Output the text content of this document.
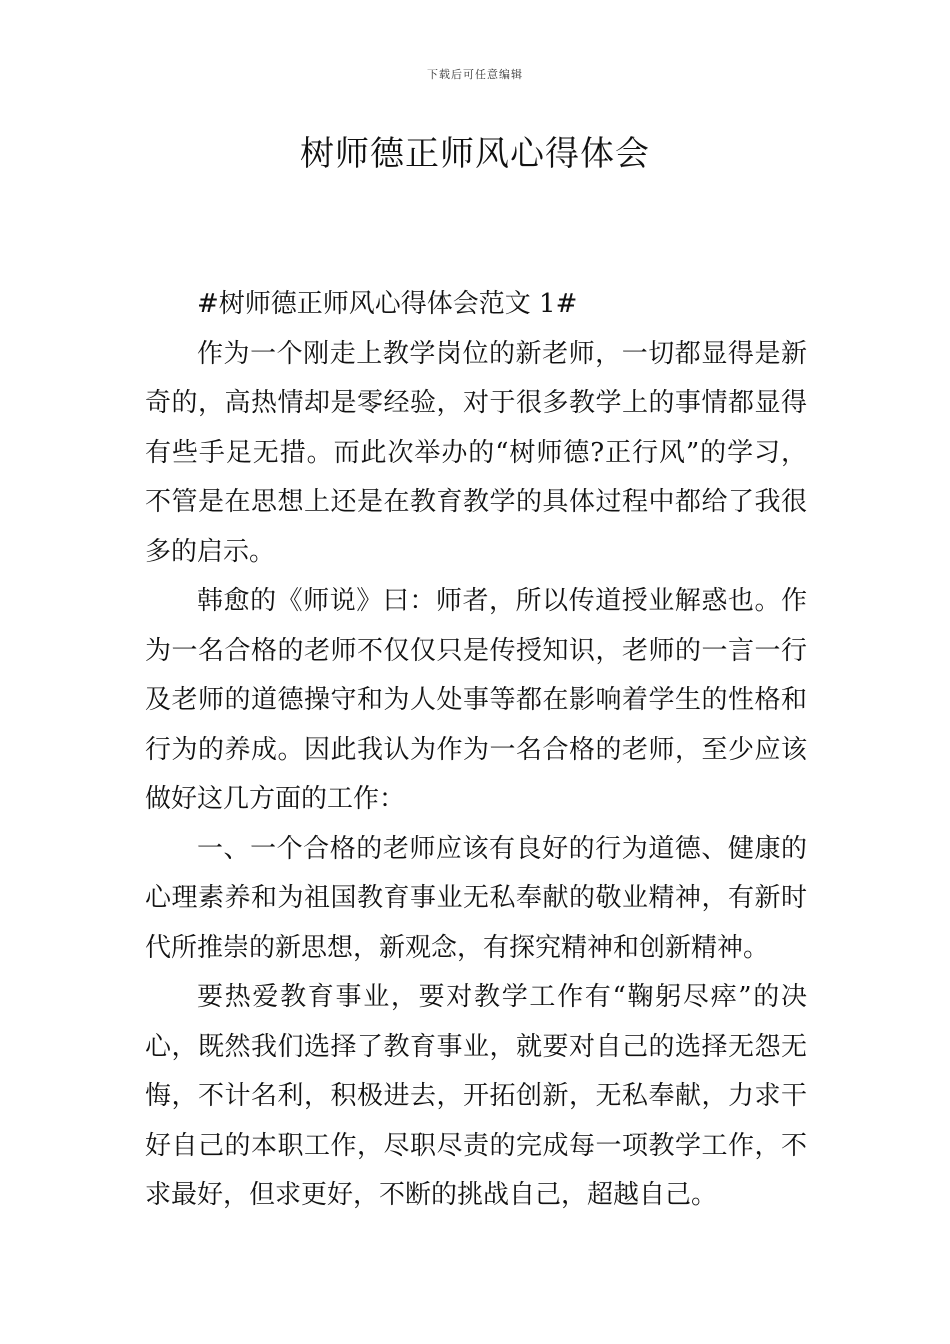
下载后可任意编辑
树师德正师风心得体会

#树师德正师风心得体会范文 1#

作为一个刚走上教学岗位的新老师，一切都显得是新奇的，高热情却是零经验，对于很多教学上的事情都显得有些手足无措。而此次举办的“树师德?正行风”的学习，不管是在思想上还是在教育教学的具体过程中都给了我很多的启示。

韩愈的《师说》曰：师者，所以传道授业解惑也。作为一名合格的老师不仅仅只是传授知识，老师的一言一行及老师的道德操守和为人处事等都在影响着学生的性格和行为的养成。因此我认为作为一名合格的老师，至少应该做好这几方面的工作：

一、一个合格的老师应该有良好的行为道德、健康的心理素养和为祖国教育事业无私奉献的敬业精神，有新时代所推崇的新思想，新观念，有探究精神和创新精神。

要热爱教育事业，要对教学工作有“鞠躬尽瘁”的决心，既然我们选择了教育事业，就要对自己的选择无怨无悔，不计名利，积极进去，开拓创新，无私奉献，力求干好自己的本职工作，尽职尽责的完成每一项教学工作，不求最好，但求更好，不断的挑战自己，超越自己。
